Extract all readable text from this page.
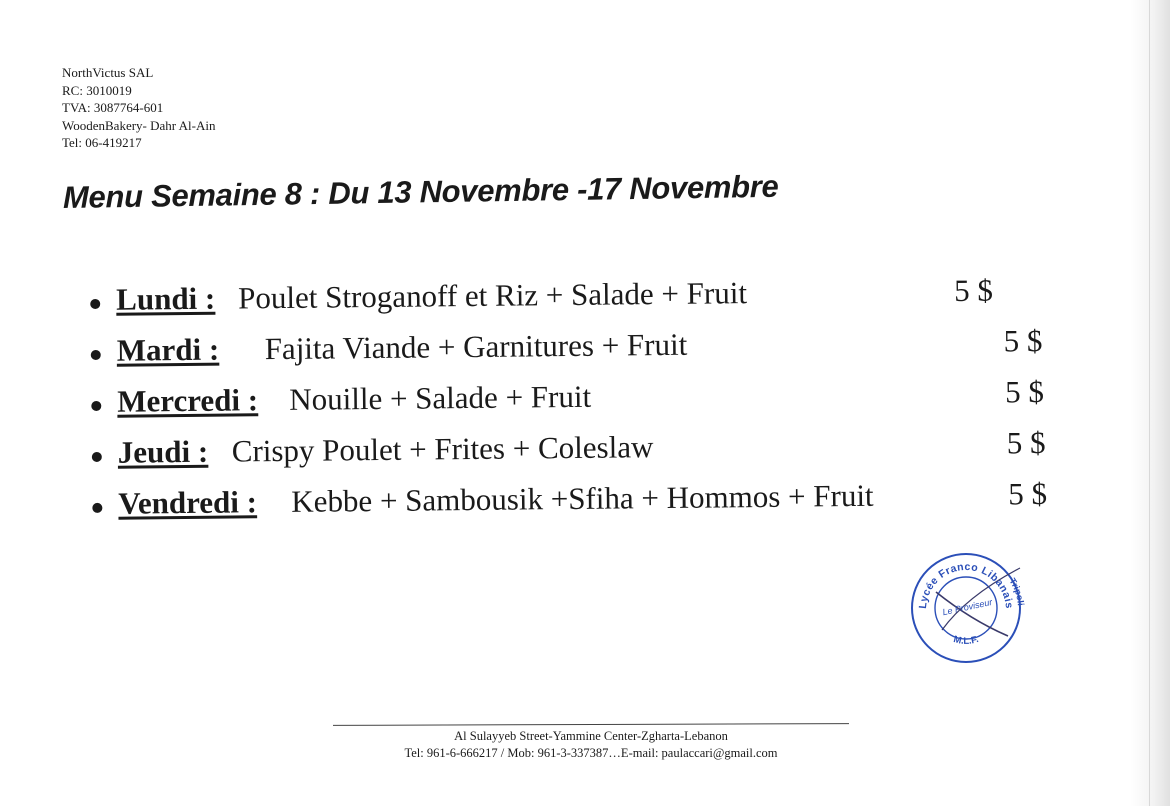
NorthVictus SAL
RC: 3010019
TVA: 3087764-601
WoodenBakery- Dahr Al-Ain
Tel: 06-419217
Menu Semaine 8 : Du 13 Novembre -17 Novembre
Lundi : Poulet Stroganoff et Riz + Salade + Fruit	5 $
Mardi : Fajita Viande + Garnitures + Fruit	5 $
Mercredi : Nouille + Salade + Fruit	5 $
Jeudi : Crispy Poulet + Frites + Coleslaw	5 $
Vendredi : Kebbe + Sambousik +Sfiha + Hommos + Fruit	5 $
Lycée Franco Libanais
Tripoli
M.L.F.
Le Proviseur
Al Sulayyeb Street-Yammine Center-Zgharta-Lebanon
Tel: 961-6-666217 / Mob: 961-3-337387…E-mail: paulaccari@gmail.com
